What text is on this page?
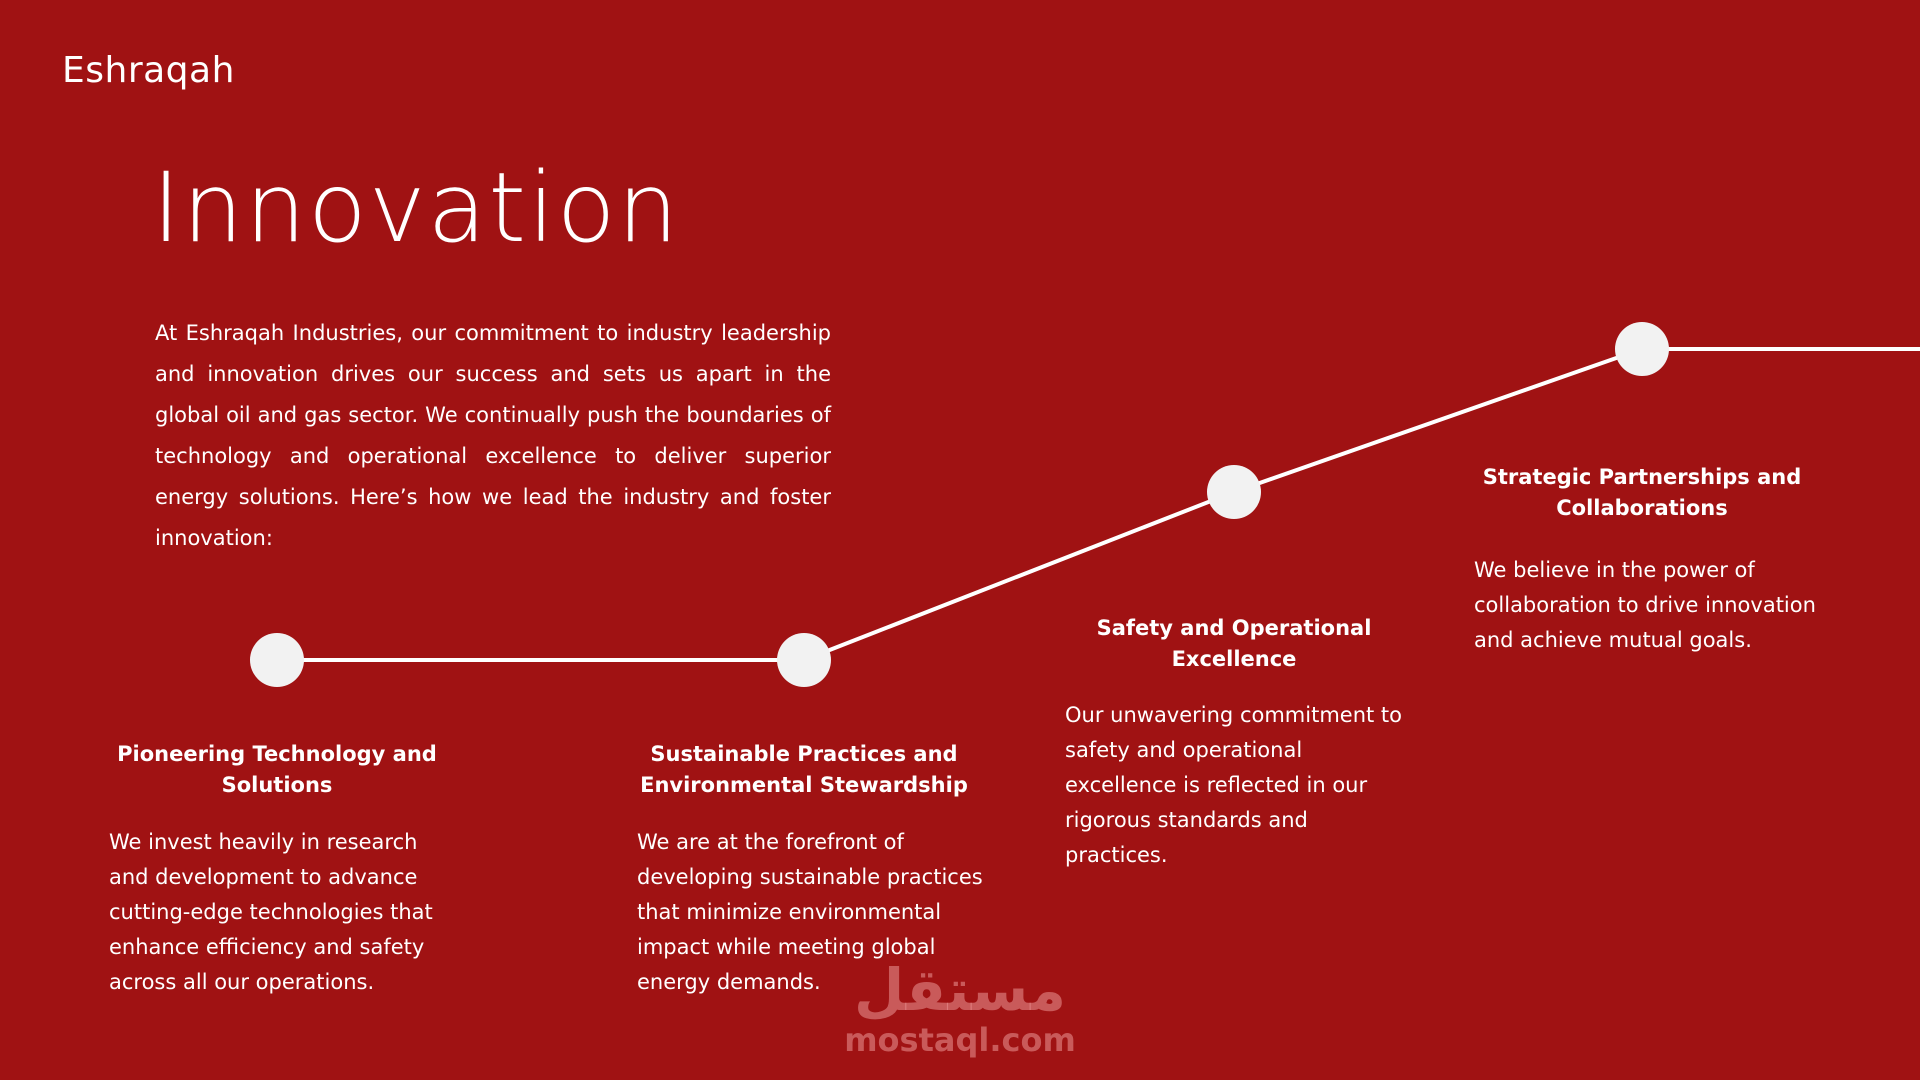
Eshraqah
Innovation
At Eshraqah Industries, our commitment to industry leadership and innovation drives our success and sets us apart in the global oil and gas sector. We continually push the boundaries of technology and operational excellence to deliver superior energy solutions. Here’s how we lead the industry and foster innovation:
Pioneering Technology and Solutions
We invest heavily in research and development to advance cutting-edge technologies that enhance efficiency and safety across all our operations.
Sustainable Practices and Environmental Stewardship
We are at the forefront of developing sustainable practices that minimize environmental impact while meeting global energy demands.
Safety and Operational Excellence
Our unwavering commitment to safety and operational excellence is reflected in our rigorous standards and practices.
Strategic Partnerships and Collaborations
We believe in the power of collaboration to drive innovation and achieve mutual goals.
مستقل
mostaql.com
